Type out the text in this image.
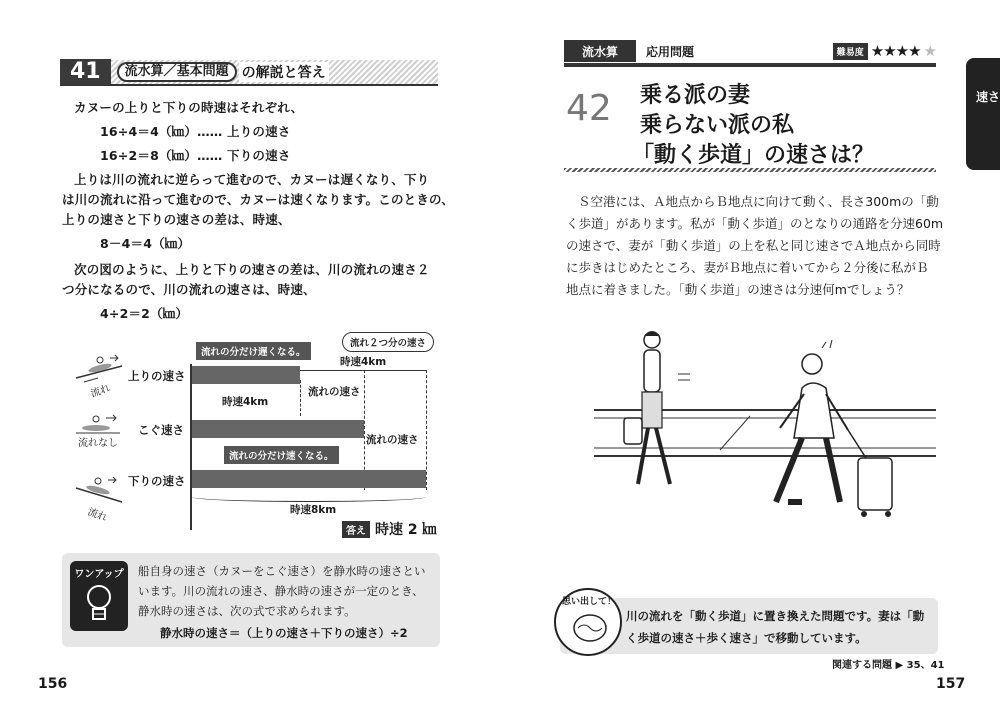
41	流水算／基本問題 の解説と答え
カヌーの上りと下りの時速はそれぞれ、
16÷4＝4（㎞）…… 上りの速さ
16÷2＝8（㎞）…… 下りの速さ
上りは川の流れに逆らって進むので、カヌーは遅くなり、下り
は川の流れに沿って進むので、カヌーは速くなります。このときの、
上りの速さと下りの速さの差は、時速、
8－4＝4（㎞）
次の図のように、上りと下りの速さの差は、川の流れの速さ２
つ分になるので、川の流れの速さは、時速、
4÷2＝2（㎞）
流れ
流れなし
流れ
上りの速さ
こぐ速さ
下りの速さ
流れの分だけ遅くなる。
流れ２つ分の速さ
時速4km
時速4km
流れの速さ
流れの速さ
流れの分だけ速くなる。
時速8km
答え 時速 2 ㎞
ワンアップ	船自身の速さ（カヌーをこぐ速さ）を静水時の速さとい
います。川の流れの速さ、静水時の速さが一定のとき、
静水時の速さは、次の式で求められます。
静水時の速さ＝（上りの速さ＋下りの速さ）÷2
156
流水算	応用問題	難易度 ★★★★ ★
42 乗る派の妻
乗らない派の私
「動く歩道」の速さは？
Ｓ空港には、Ａ地点からＢ地点に向けて動く、長さ300mの「動
く歩道」があります。私が「動く歩道」のとなりの通路を分速60m
の速さで、妻が「動く歩道」の上を私と同じ速さでＡ地点から同時
に歩きはじめたところ、妻がＢ地点に着いてから２分後に私がＢ
地点に着きました。「動く歩道」の速さは分速何mでしょう？
速さ
思い出して！
川の流れを「動く歩道」に置き換えた問題です。妻は「動
く歩道の速さ＋歩く速さ」で移動しています。
関連する問題 ▶ 35、41
157
